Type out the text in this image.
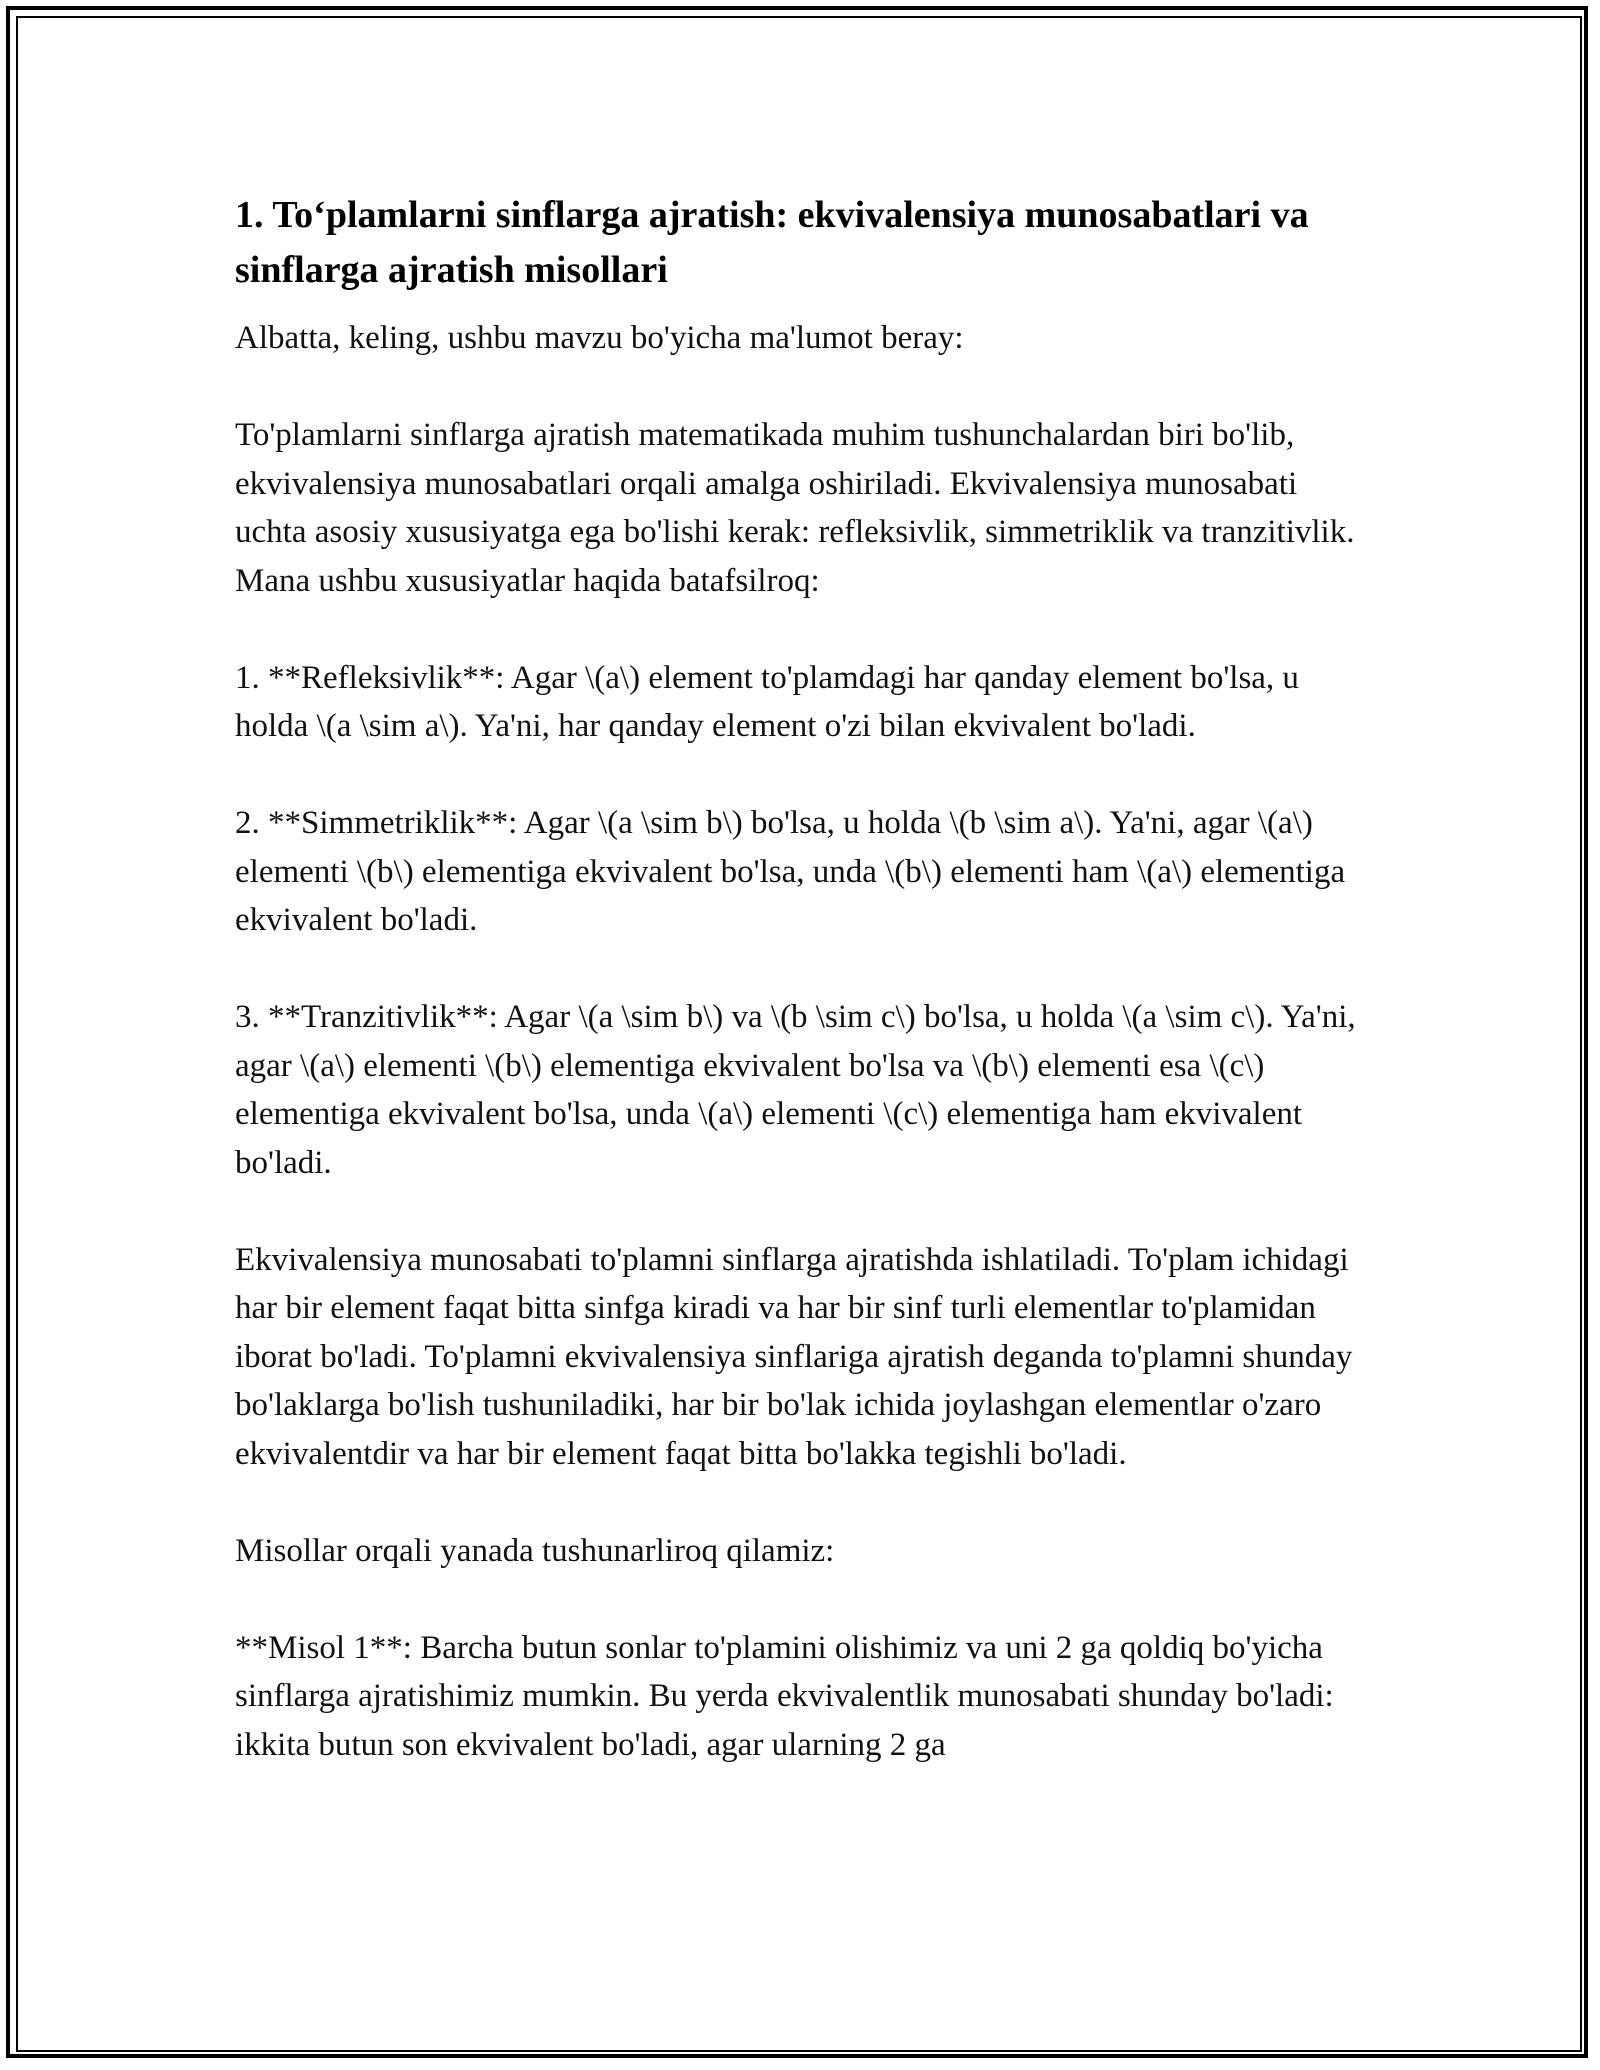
1. To‘plamlarni sinflarga ajratish: ekvivalensiya munosabatlari va sinflarga ajratish misollari

Albatta, keling, ushbu mavzu bo'yicha ma'lumot beray:

To'plamlarni sinflarga ajratish matematikada muhim tushunchalardan biri bo'lib, ekvivalensiya munosabatlari orqali amalga oshiriladi. Ekvivalensiya munosabati uchta asosiy xususiyatga ega bo'lishi kerak: refleksivlik, simmetriklik va tranzitivlik. Mana ushbu xususiyatlar haqida batafsilroq:

1. **Refleksivlik**: Agar \(a\) element to'plamdagi har qanday element bo'lsa, u holda \(a \sim a\). Ya'ni, har qanday element o'zi bilan ekvivalent bo'ladi.

2. **Simmetriklik**: Agar \(a \sim b\) bo'lsa, u holda \(b \sim a\). Ya'ni, agar \(a\) elementi \(b\) elementiga ekvivalent bo'lsa, unda \(b\) elementi ham \(a\) elementiga ekvivalent bo'ladi.

3. **Tranzitivlik**: Agar \(a \sim b\) va \(b \sim c\) bo'lsa, u holda \(a \sim c\). Ya'ni, agar \(a\) elementi \(b\) elementiga ekvivalent bo'lsa va \(b\) elementi esa \(c\) elementiga ekvivalent bo'lsa, unda \(a\) elementi \(c\) elementiga ham ekvivalent bo'ladi.

Ekvivalensiya munosabati to'plamni sinflarga ajratishda ishlatiladi. To'plam ichidagi har bir element faqat bitta sinfga kiradi va har bir sinf turli elementlar to'plamidan iborat bo'ladi. To'plamni ekvivalensiya sinflariga ajratish deganda to'plamni shunday bo'laklarga bo'lish tushuniladiki, har bir bo'lak ichida joylashgan elementlar o'zaro ekvivalentdir va har bir element faqat bitta bo'lakka tegishli bo'ladi.

Misollar orqali yanada tushunarliroq qilamiz:

**Misol 1**: Barcha butun sonlar to'plamini olishimiz va uni 2 ga qoldiq bo'yicha sinflarga ajratishimiz mumkin. Bu yerda ekvivalentlik munosabati shunday bo'ladi: ikkita butun son ekvivalent bo'ladi, agar ularning 2 ga
